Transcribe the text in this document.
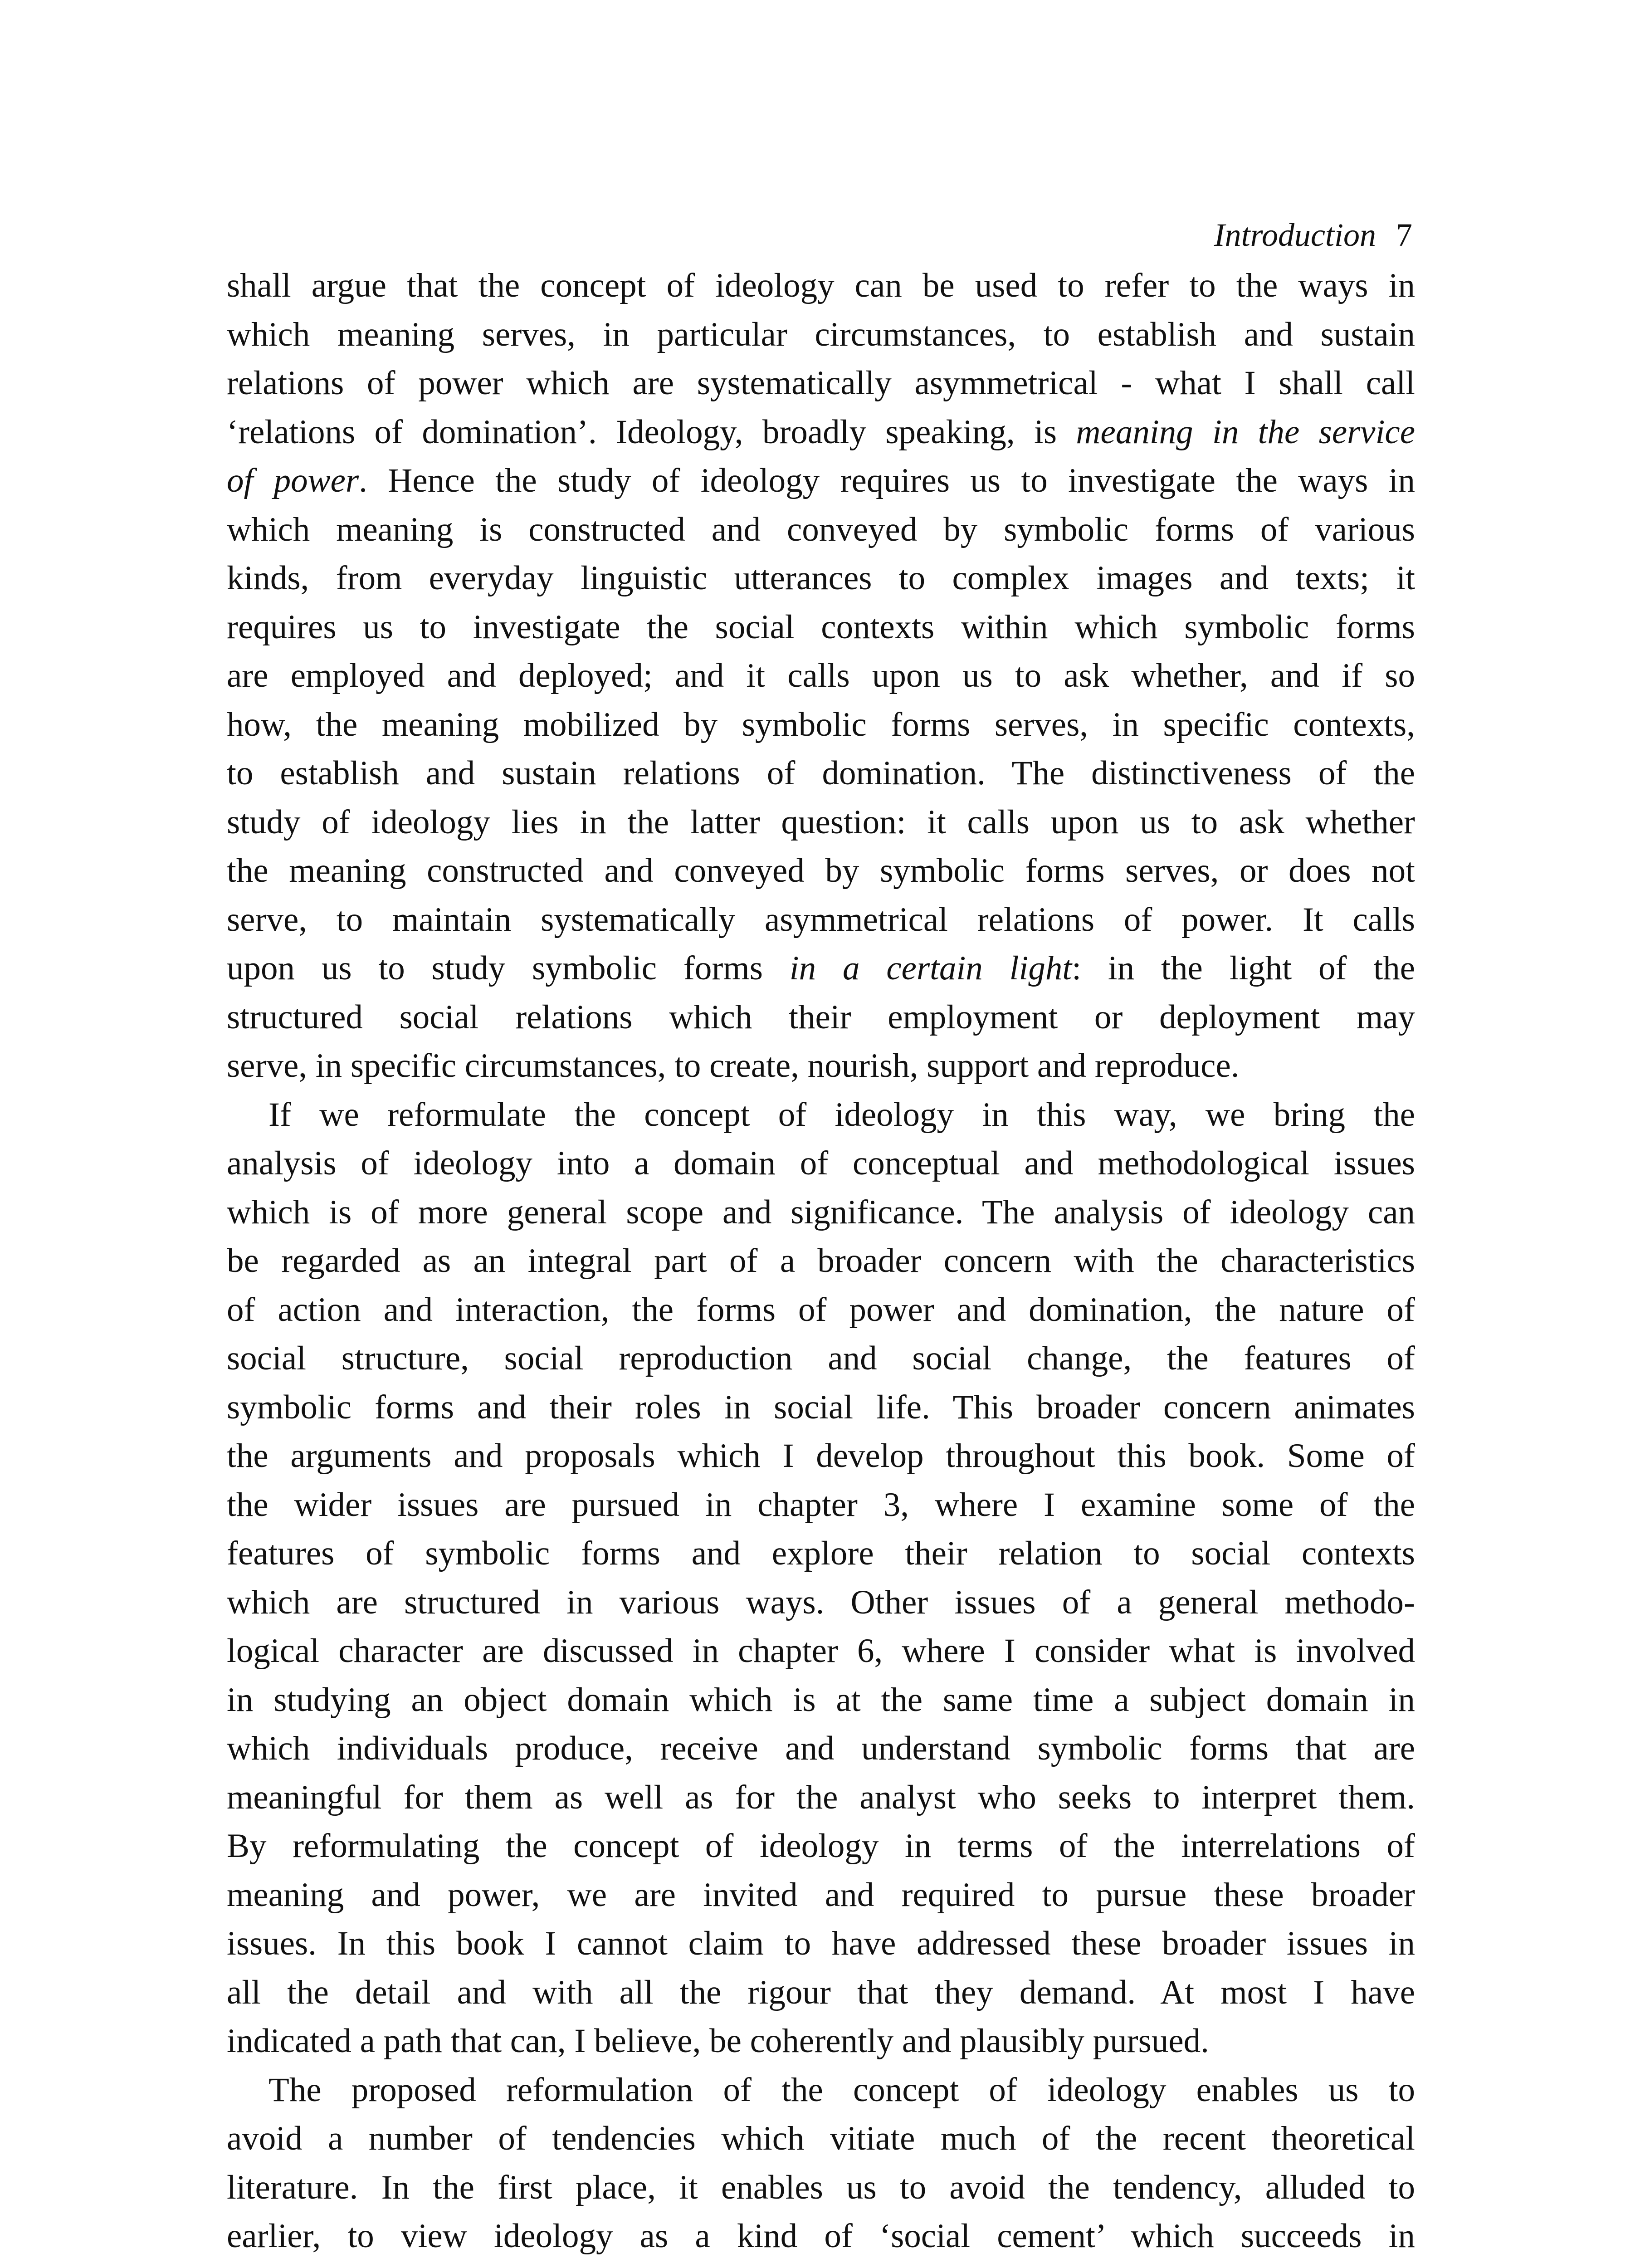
Introduction 7

shall argue that the concept of ideology can be used to refer to the ways in
which meaning serves, in particular circumstances, to establish and sustain
relations of power which are systematically asymmetrical - what I shall call
‘relations of domination’. Ideology, broadly speaking, is meaning in the service
of power. Hence the study of ideology requires us to investigate the ways in
which meaning is constructed and conveyed by symbolic forms of various
kinds, from everyday linguistic utterances to complex images and texts; it
requires us to investigate the social contexts within which symbolic forms
are employed and deployed; and it calls upon us to ask whether, and if so
how, the meaning mobilized by symbolic forms serves, in specific contexts,
to establish and sustain relations of domination. The distinctiveness of the
study of ideology lies in the latter question: it calls upon us to ask whether
the meaning constructed and conveyed by symbolic forms serves, or does not
serve, to maintain systematically asymmetrical relations of power. It calls
upon us to study symbolic forms in a certain light: in the light of the
structured social relations which their employment or deployment may
serve, in specific circumstances, to create, nourish, support and reproduce.

If we reformulate the concept of ideology in this way, we bring the
analysis of ideology into a domain of conceptual and methodological issues
which is of more general scope and significance. The analysis of ideology can
be regarded as an integral part of a broader concern with the characteristics
of action and interaction, the forms of power and domination, the nature of
social structure, social reproduction and social change, the features of
symbolic forms and their roles in social life. This broader concern animates
the arguments and proposals which I develop throughout this book. Some of
the wider issues are pursued in chapter 3, where I examine some of the
features of symbolic forms and explore their relation to social contexts
which are structured in various ways. Other issues of a general methodo-
logical character are discussed in chapter 6, where I consider what is involved
in studying an object domain which is at the same time a subject domain in
which individuals produce, receive and understand symbolic forms that are
meaningful for them as well as for the analyst who seeks to interpret them.
By reformulating the concept of ideology in terms of the interrelations of
meaning and power, we are invited and required to pursue these broader
issues. In this book I cannot claim to have addressed these broader issues in
all the detail and with all the rigour that they demand. At most I have
indicated a path that can, I believe, be coherently and plausibly pursued.

The proposed reformulation of the concept of ideology enables us to
avoid a number of tendencies which vitiate much of the recent theoretical
literature. In the first place, it enables us to avoid the tendency, alluded to
earlier, to view ideology as a kind of ‘social cement’ which succeeds in
